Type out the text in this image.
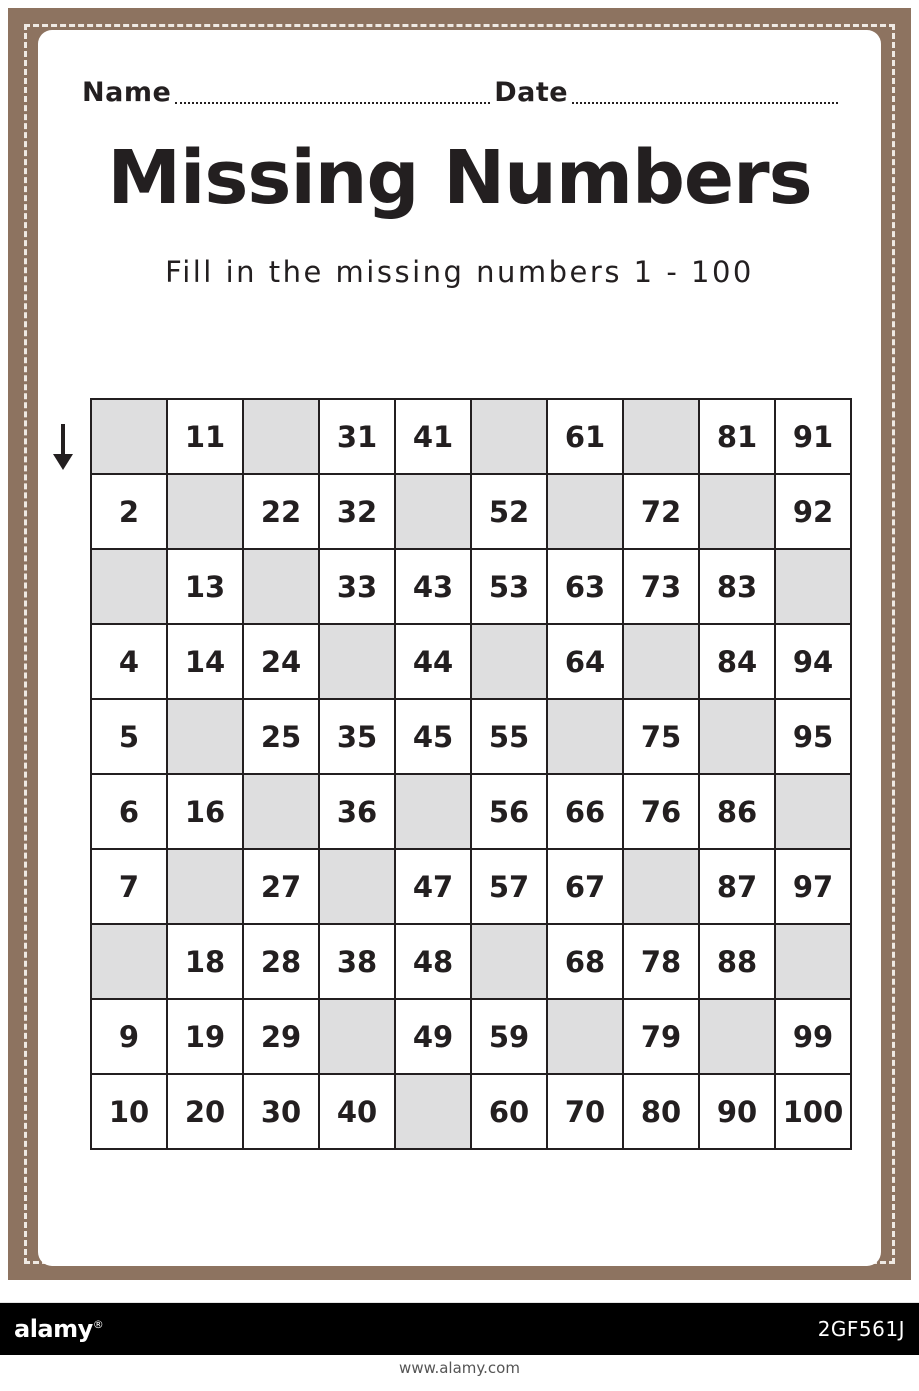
Name	Date
Missing Numbers
Fill in the missing numbers 1 - 100
	11		31	41		61		81	91
2		22	32		52		72		92
	13		33	43	53	63	73	83	
4	14	24		44		64		84	94
5		25	35	45	55		75		95
6	16		36		56	66	76	86	
7		27		47	57	67		87	97
	18	28	38	48		68	78	88	
9	19	29		49	59		79		99
10	20	30	40		60	70	80	90	100
alamy®	2GF561J
www.alamy.com
